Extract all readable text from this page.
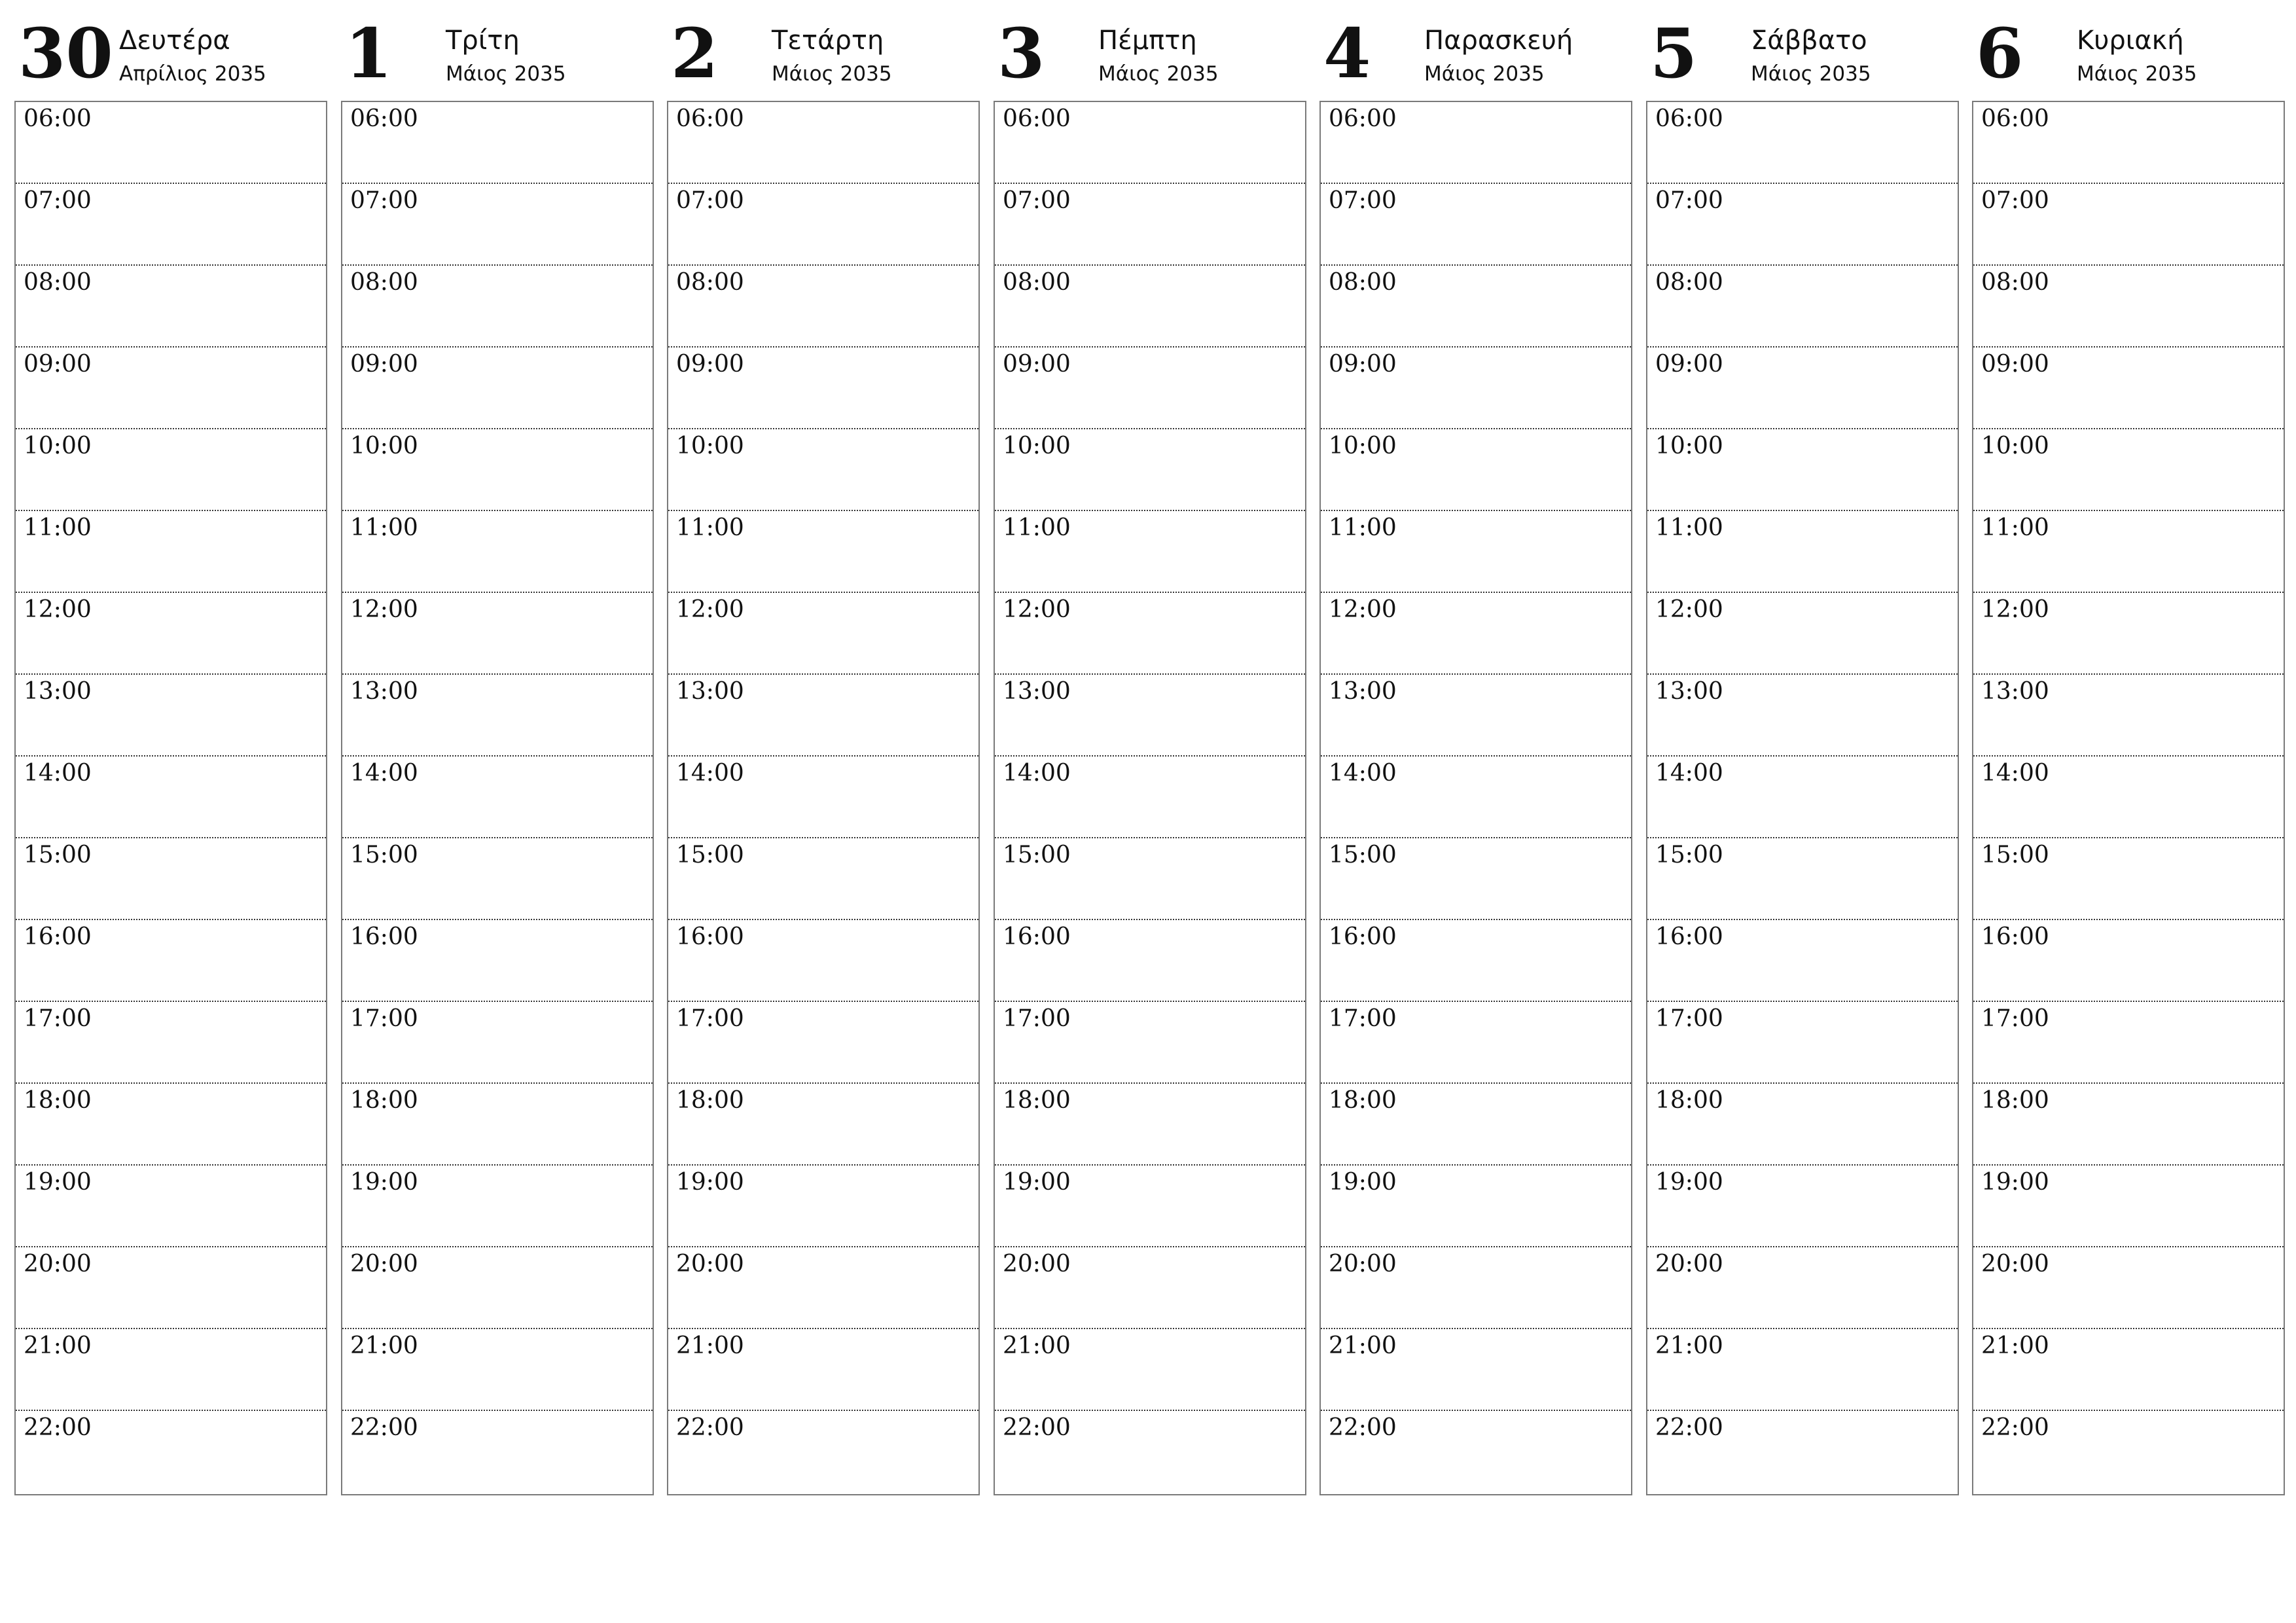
30 Δευτέρα
Απρίλιος 2035
06:00
07:00
08:00
09:00
10:00
11:00
12:00
13:00
14:00
15:00
16:00
17:00
18:00
19:00
20:00
21:00
22:00
1 Τρίτη
Μάιος 2035
06:00
07:00
08:00
09:00
10:00
11:00
12:00
13:00
14:00
15:00
16:00
17:00
18:00
19:00
20:00
21:00
22:00
2 Τετάρτη
Μάιος 2035
06:00
07:00
08:00
09:00
10:00
11:00
12:00
13:00
14:00
15:00
16:00
17:00
18:00
19:00
20:00
21:00
22:00
3 Πέμπτη
Μάιος 2035
06:00
07:00
08:00
09:00
10:00
11:00
12:00
13:00
14:00
15:00
16:00
17:00
18:00
19:00
20:00
21:00
22:00
4 Παρασκευή
Μάιος 2035
06:00
07:00
08:00
09:00
10:00
11:00
12:00
13:00
14:00
15:00
16:00
17:00
18:00
19:00
20:00
21:00
22:00
5 Σάββατο
Μάιος 2035
06:00
07:00
08:00
09:00
10:00
11:00
12:00
13:00
14:00
15:00
16:00
17:00
18:00
19:00
20:00
21:00
22:00
6 Κυριακή
Μάιος 2035
06:00
07:00
08:00
09:00
10:00
11:00
12:00
13:00
14:00
15:00
16:00
17:00
18:00
19:00
20:00
21:00
22:00
